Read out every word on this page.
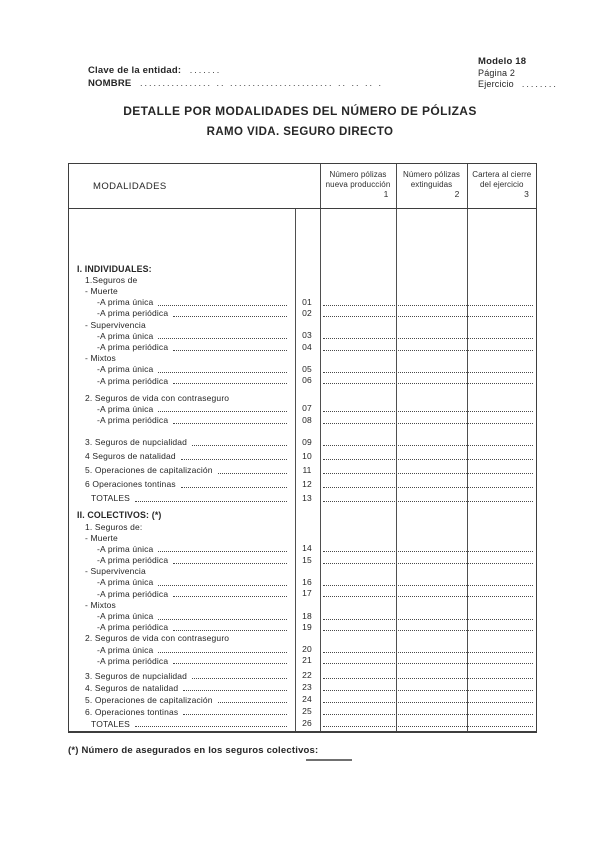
Clave de la entidad: .......
NOMBRE ................ .. ....................... .. .. .. .
Modelo 18
Página 2
Ejercicio ........
DETALLE POR MODALIDADES DEL NÚMERO DE PÓLIZAS
RAMO VIDA. SEGURO DIRECTO
MODALIDADES
Número pólizas
nueva producción
1
Número pólizas
extinguidas
2
Cartera al cierre
del ejercicio
3
I. INDIVIDUALES:
1.Seguros de
- Muerte
-A prima única	01
-A prima periódica	02
- Supervivencia
-A prima única	03
-A prima periódica	04
- Mixtos
-A prima única	05
-A prima periódica	06
2. Seguros de vida con contraseguro
-A prima única	07
-A prima periódica	08
3. Seguros de nupcialidad	09
4 Seguros de natalidad	10
5. Operaciones de capitalización	11
6 Operaciones tontinas	12
TOTALES	13
II. COLECTIVOS: (*)
1. Seguros de:
- Muerte
-A prima única	14
-A prima periódica	15
- Supervivencia
-A prima única	16
-A prima periódica	17
- Mixtos
-A prima única	18
-A prima periódica	19
2. Seguros de vida con contraseguro
-A prima única	20
-A prima periódica	21
3. Seguros de nupcialidad	22
4. Seguros de natalidad	23
5. Operaciones de capitalización	24
6. Operaciones tontinas	25
TOTALES	26
(*) Número de asegurados en los seguros colectivos:
